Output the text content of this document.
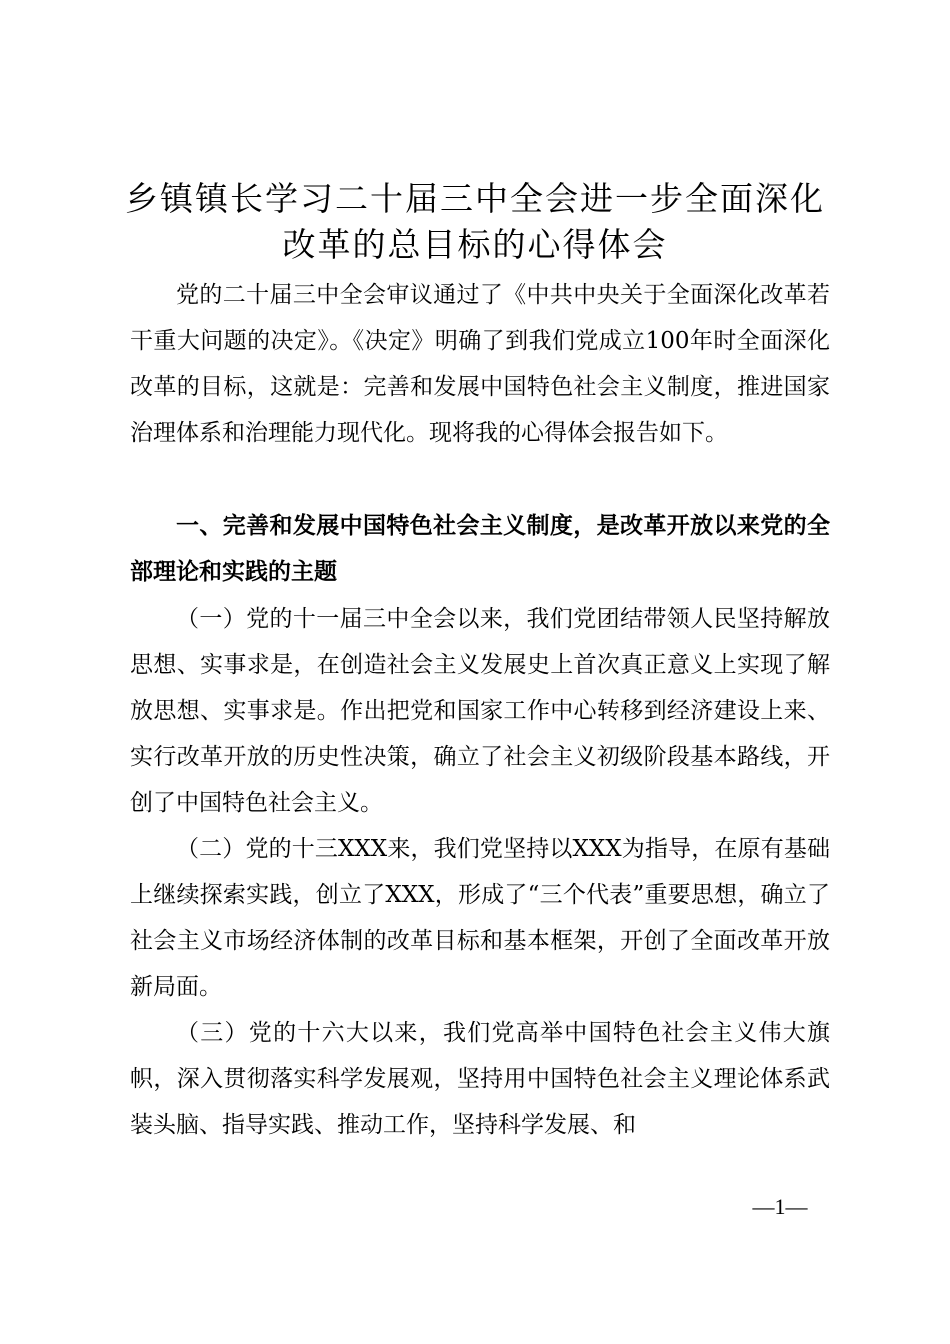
乡镇镇长学习二十届三中全会进一步全面深化
改革的总目标的心得体会

党的二十届三中全会审议通过了《中共中央关于全面深化改革若干重大问题的决定》。《决定》明确了到我们党成立100年时全面深化改革的目标，这就是：完善和发展中国特色社会主义制度，推进国家治理体系和治理能力现代化。现将我的心得体会报告如下。

一、完善和发展中国特色社会主义制度，是改革开放以来党的全部理论和实践的主题

（一）党的十一届三中全会以来，我们党团结带领人民坚持解放思想、实事求是，在创造社会主义发展史上首次真正意义上实现了解放思想、实事求是。作出把党和国家工作中心转移到经济建设上来、实行改革开放的历史性决策，确立了社会主义初级阶段基本路线，开创了中国特色社会主义。

（二）党的十三XXX来，我们党坚持以XXX为指导，在原有基础上继续探索实践，创立了XXX，形成了“三个代表”重要思想，确立了社会主义市场经济体制的改革目标和基本框架，开创了全面改革开放新局面。

（三）党的十六大以来，我们党高举中国特色社会主义伟大旗帜，深入贯彻落实科学发展观，坚持用中国特色社会主义理论体系武装头脑、指导实践、推动工作，坚持科学发展、和

—1—
